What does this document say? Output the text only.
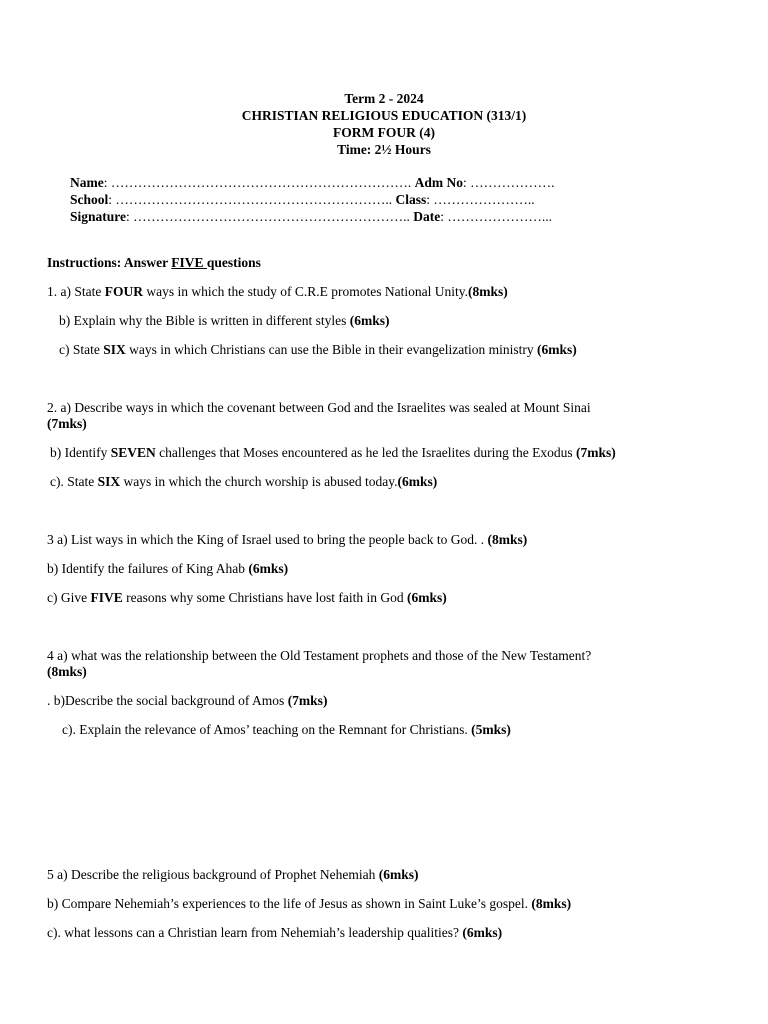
Term 2 - 2024
CHRISTIAN RELIGIOUS EDUCATION (313/1)
FORM FOUR (4)
Time: 2½ Hours
Name: …………………………………………………………. Adm No: ……………….
School: …………………………………………………….. Class: …………………..
Signature: …………………………………………………….. Date: …………………...
Instructions: Answer FIVE questions
1. a) State FOUR ways in which the study of C.R.E promotes National Unity.(8mks)
b) Explain why the Bible is written in different styles (6mks)
c) State SIX ways in which Christians can use the Bible in their evangelization ministry (6mks)
2. a) Describe ways in which the covenant between God and the Israelites was sealed at Mount Sinai
(7mks)
b) Identify SEVEN challenges that Moses encountered as he led the Israelites during the Exodus (7mks)
c). State SIX ways in which the church worship is abused today.(6mks)
3 a) List ways in which the King of Israel used to bring the people back to God. . (8mks)
b) Identify the failures of King Ahab (6mks)
c) Give FIVE reasons why some Christians have lost faith in God (6mks)
4 a) what was the relationship between the Old Testament prophets and those of the New Testament?
(8mks)
. b)Describe the social background of Amos (7mks)
c). Explain the relevance of Amos’ teaching on the Remnant for Christians. (5mks)
5 a) Describe the religious background of Prophet Nehemiah (6mks)
b) Compare Nehemiah’s experiences to the life of Jesus as shown in Saint Luke’s gospel. (8mks)
c). what lessons can a Christian learn from Nehemiah’s leadership qualities? (6mks)
